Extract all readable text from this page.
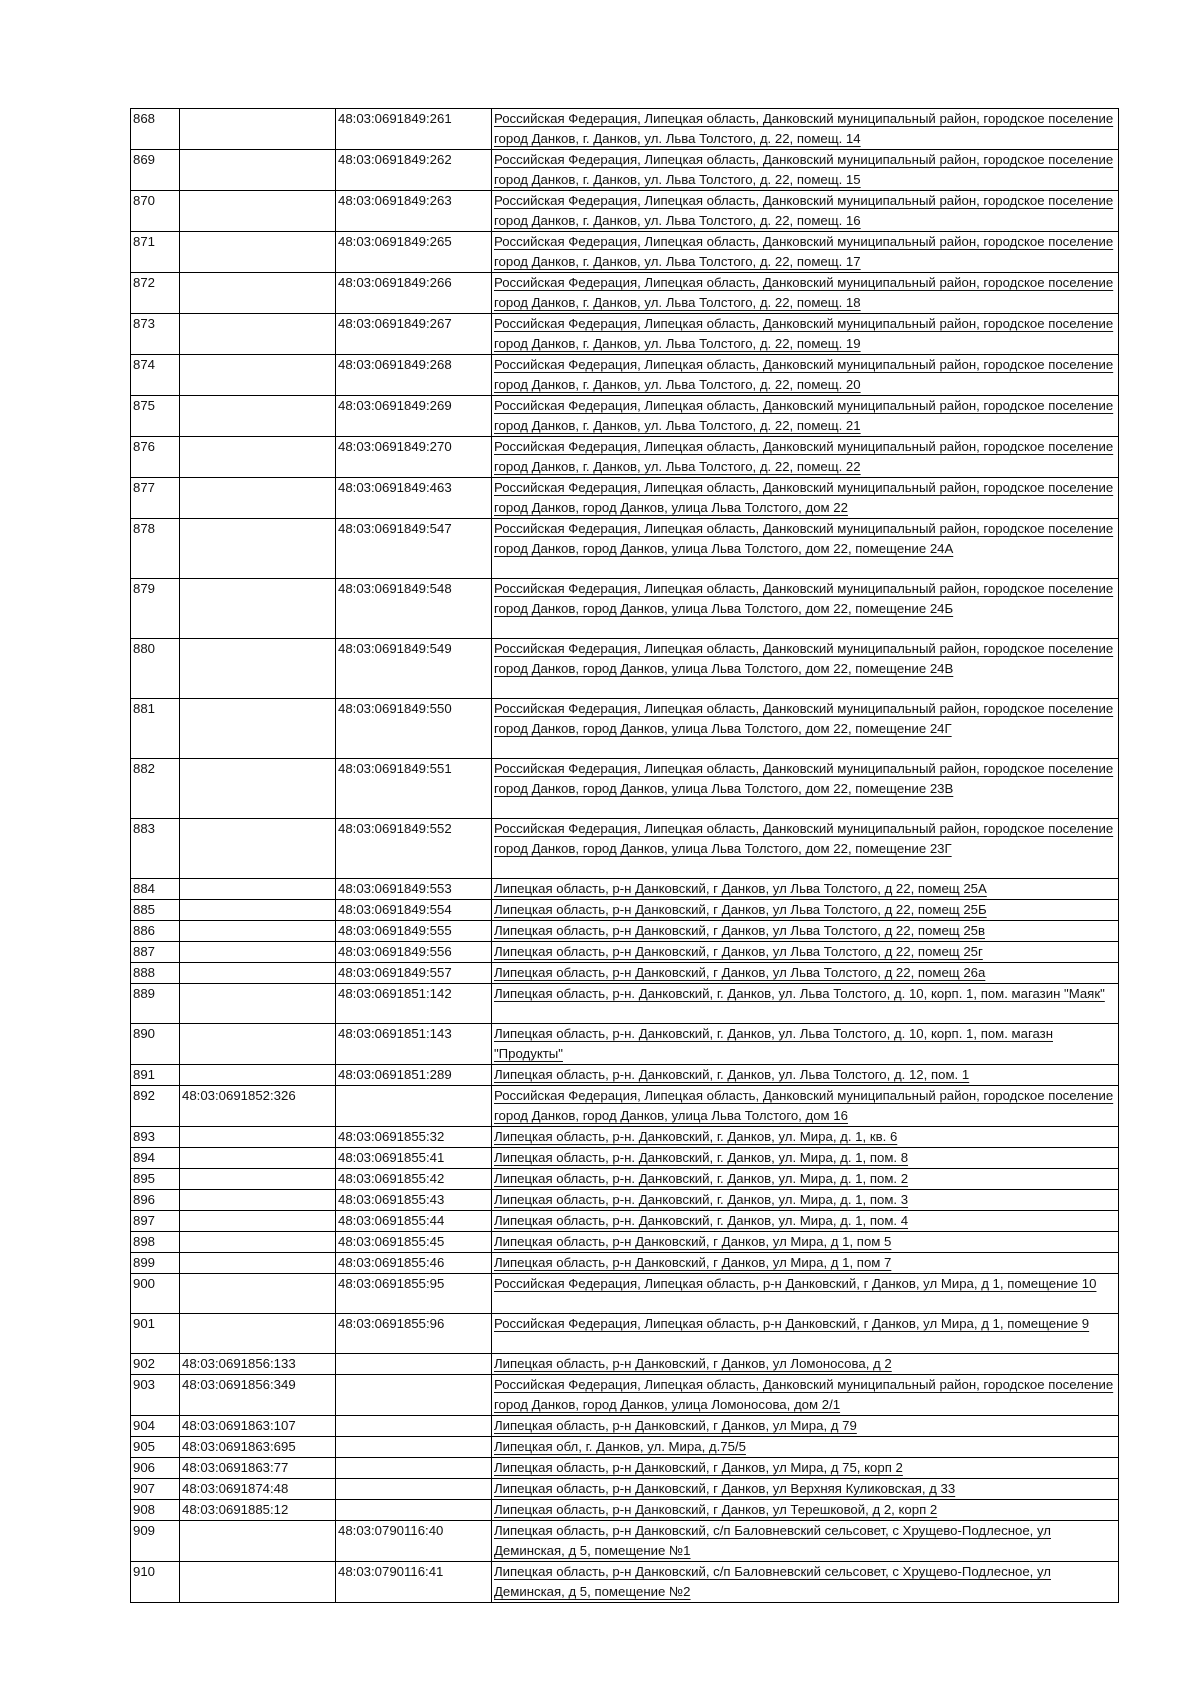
868		48:03:0691849:261	Российская Федерация, Липецкая область, Данковский муниципальный район, городское поселение город Данков, г. Данков, ул. Льва Толстого, д. 22, помещ. 14
869		48:03:0691849:262	Российская Федерация, Липецкая область, Данковский муниципальный район, городское поселение город Данков, г. Данков, ул. Льва Толстого, д. 22, помещ. 15
870		48:03:0691849:263	Российская Федерация, Липецкая область, Данковский муниципальный район, городское поселение город Данков, г. Данков, ул. Льва Толстого, д. 22, помещ. 16
871		48:03:0691849:265	Российская Федерация, Липецкая область, Данковский муниципальный район, городское поселение город Данков, г. Данков, ул. Льва Толстого, д. 22, помещ. 17
872		48:03:0691849:266	Российская Федерация, Липецкая область, Данковский муниципальный район, городское поселение город Данков, г. Данков, ул. Льва Толстого, д. 22, помещ. 18
873		48:03:0691849:267	Российская Федерация, Липецкая область, Данковский муниципальный район, городское поселение город Данков, г. Данков, ул. Льва Толстого, д. 22, помещ. 19
874		48:03:0691849:268	Российская Федерация, Липецкая область, Данковский муниципальный район, городское поселение город Данков, г. Данков, ул. Льва Толстого, д. 22, помещ. 20
875		48:03:0691849:269	Российская Федерация, Липецкая область, Данковский муниципальный район, городское поселение город Данков, г. Данков, ул. Льва Толстого, д. 22, помещ. 21
876		48:03:0691849:270	Российская Федерация, Липецкая область, Данковский муниципальный район, городское поселение город Данков, г. Данков, ул. Льва Толстого, д. 22, помещ. 22
877		48:03:0691849:463	Российская Федерация, Липецкая область, Данковский муниципальный район, городское поселение город Данков, город Данков, улица Льва Толстого, дом 22
878		48:03:0691849:547	Российская Федерация, Липецкая область, Данковский муниципальный район, городское поселение город Данков, город Данков, улица Льва Толстого, дом 22, помещение 24А
879		48:03:0691849:548	Российская Федерация, Липецкая область, Данковский муниципальный район, городское поселение город Данков, город Данков, улица Льва Толстого, дом 22, помещение 24Б
880		48:03:0691849:549	Российская Федерация, Липецкая область, Данковский муниципальный район, городское поселение город Данков, город Данков, улица Льва Толстого, дом 22, помещение 24В
881		48:03:0691849:550	Российская Федерация, Липецкая область, Данковский муниципальный район, городское поселение город Данков, город Данков, улица Льва Толстого, дом 22, помещение 24Г
882		48:03:0691849:551	Российская Федерация, Липецкая область, Данковский муниципальный район, городское поселение город Данков, город Данков, улица Льва Толстого, дом 22, помещение 23В
883		48:03:0691849:552	Российская Федерация, Липецкая область, Данковский муниципальный район, городское поселение город Данков, город Данков, улица Льва Толстого, дом 22, помещение 23Г
884		48:03:0691849:553	Липецкая область, р-н Данковский, г Данков, ул Льва Толстого, д 22, помещ 25А
885		48:03:0691849:554	Липецкая область, р-н Данковский, г Данков, ул Льва Толстого, д 22, помещ 25Б
886		48:03:0691849:555	Липецкая область, р-н Данковский, г Данков, ул Льва Толстого, д 22, помещ 25в
887		48:03:0691849:556	Липецкая область, р-н Данковский, г Данков, ул Льва Толстого, д 22, помещ 25г
888		48:03:0691849:557	Липецкая область, р-н Данковский, г Данков, ул Льва Толстого, д 22, помещ 26а
889		48:03:0691851:142	Липецкая область, р-н. Данковский, г. Данков, ул. Льва Толстого, д. 10, корп. 1, пом. магазин "Маяк"
890		48:03:0691851:143	Липецкая область, р-н. Данковский, г. Данков, ул. Льва Толстого, д. 10, корп. 1, пом. магазн "Продукты"
891		48:03:0691851:289	Липецкая область, р-н. Данковский, г. Данков, ул. Льва Толстого, д. 12, пом. 1
892	48:03:0691852:326		Российская Федерация, Липецкая область, Данковский муниципальный район, городское поселение город Данков, город Данков, улица Льва Толстого, дом 16
893		48:03:0691855:32	Липецкая область, р-н. Данковский, г. Данков, ул. Мира, д. 1, кв. 6
894		48:03:0691855:41	Липецкая область, р-н. Данковский, г. Данков, ул. Мира, д. 1, пом. 8
895		48:03:0691855:42	Липецкая область, р-н. Данковский, г. Данков, ул. Мира, д. 1, пом. 2
896		48:03:0691855:43	Липецкая область, р-н. Данковский, г. Данков, ул. Мира, д. 1, пом. 3
897		48:03:0691855:44	Липецкая область, р-н. Данковский, г. Данков, ул. Мира, д. 1, пом. 4
898		48:03:0691855:45	Липецкая область, р-н Данковский, г Данков, ул Мира, д 1, пом 5
899		48:03:0691855:46	Липецкая область, р-н Данковский, г Данков, ул Мира, д 1, пом 7
900		48:03:0691855:95	Российская Федерация, Липецкая область, р-н Данковский, г Данков, ул Мира, д 1, помещение 10
901		48:03:0691855:96	Российская Федерация, Липецкая область, р-н Данковский, г Данков, ул Мира, д 1, помещение 9
902	48:03:0691856:133		Липецкая область, р-н Данковский, г Данков, ул Ломоносова, д 2
903	48:03:0691856:349		Российская Федерация, Липецкая область, Данковский муниципальный район, городское поселение город Данков, город Данков, улица Ломоносова, дом 2/1
904	48:03:0691863:107		Липецкая область, р-н Данковский, г Данков, ул Мира, д 79
905	48:03:0691863:695		Липецкая обл, г. Данков, ул. Мира, д.75/5
906	48:03:0691863:77		Липецкая область, р-н Данковский, г Данков, ул Мира, д 75, корп 2
907	48:03:0691874:48		Липецкая область, р-н Данковский, г Данков, ул Верхняя Куликовская, д 33
908	48:03:0691885:12		Липецкая область, р-н Данковский, г Данков, ул Терешковой, д 2, корп 2
909		48:03:0790116:40	Липецкая область, р-н Данковский, с/п Баловневский сельсовет, с Хрущево-Подлесное, ул Деминская, д 5, помещение №1
910		48:03:0790116:41	Липецкая область, р-н Данковский, с/п Баловневский сельсовет, с Хрущево-Подлесное, ул Деминская, д 5, помещение №2
